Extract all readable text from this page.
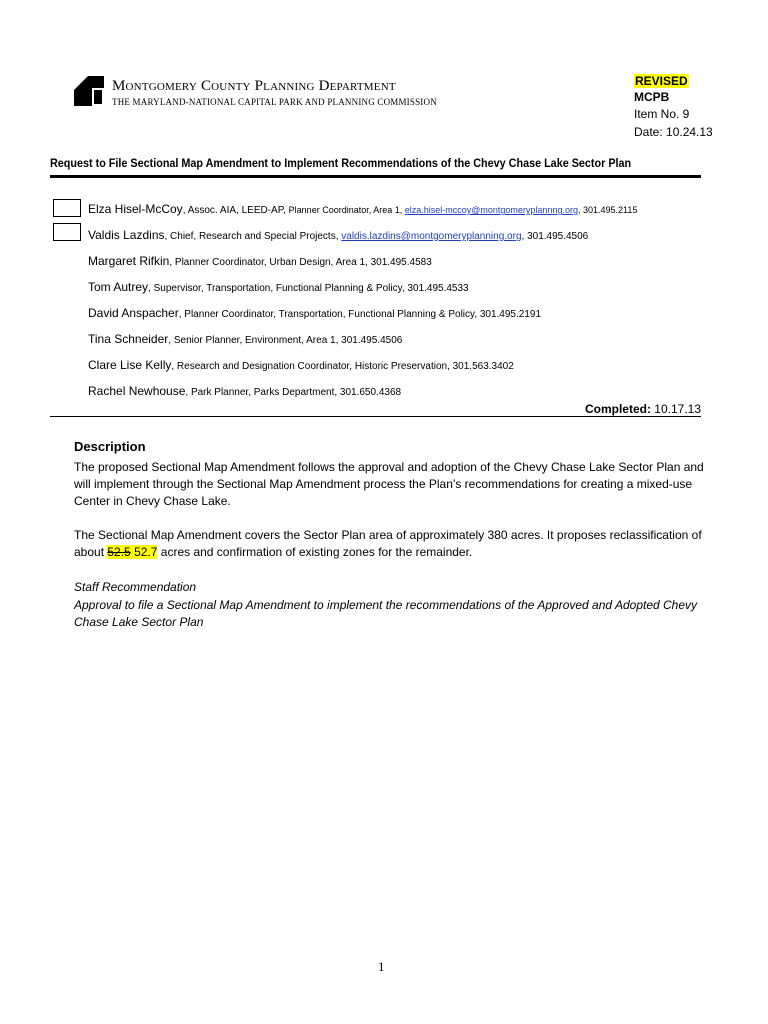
Montgomery County Planning Department
THE MARYLAND-NATIONAL CAPITAL PARK AND PLANNING COMMISSION
REVISED
MCPB
Item No. 9
Date: 10.24.13
Request to File Sectional Map Amendment to Implement Recommendations of the Chevy Chase Lake Sector Plan
Elza Hisel-McCoy, Assoc. AIA, LEED-AP, Planner Coordinator, Area 1, elza.hisel-mccoy@montgomeryplannng.org, 301.495.2115
Valdis Lazdins, Chief, Research and Special Projects, valdis.lazdins@montgomeryplanning.org, 301.495.4506
Margaret Rifkin, Planner Coordinator, Urban Design, Area 1, 301.495.4583
Tom Autrey, Supervisor, Transportation, Functional Planning & Policy, 301.495.4533
David Anspacher, Planner Coordinator, Transportation, Functional Planning & Policy, 301.495.2191
Tina Schneider, Senior Planner, Environment, Area 1, 301.495.4506
Clare Lise Kelly, Research and Designation Coordinator, Historic Preservation, 301.563.3402
Rachel Newhouse, Park Planner, Parks Department, 301.650.4368
Completed: 10.17.13
Description
The proposed Sectional Map Amendment follows the approval and adoption of the Chevy Chase Lake Sector Plan and will implement through the Sectional Map Amendment process the Plan’s recommendations for creating a mixed-use Center in Chevy Chase Lake.
The Sectional Map Amendment covers the Sector Plan area of approximately 380 acres. It proposes reclassification of about 52.5 52.7 acres and confirmation of existing zones for the remainder.
Staff Recommendation
Approval to file a Sectional Map Amendment to implement the recommendations of the Approved and Adopted Chevy Chase Lake Sector Plan
1
